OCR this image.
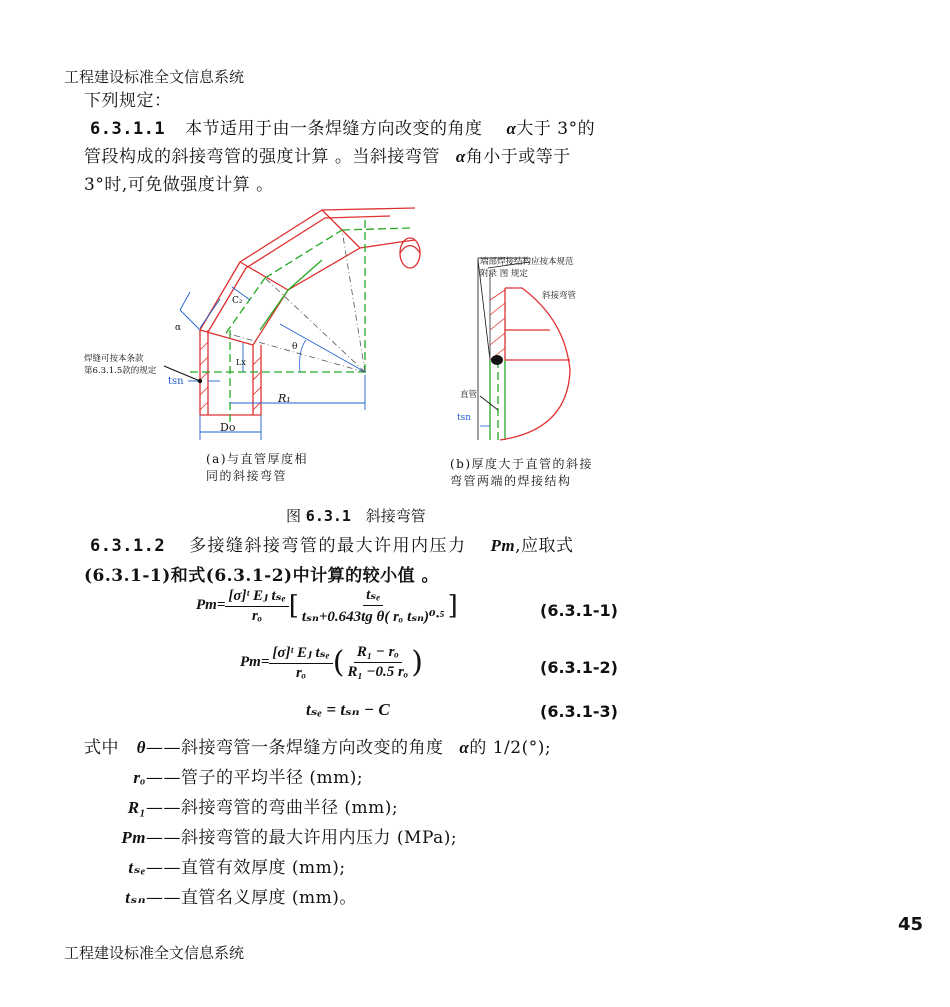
工程建设标准全文信息系统
下列规定：
6.3.1.1 本节适用于由一条焊缝方向改变的角度 α大于 3°的
管段构成的斜接弯管的强度计算 。当斜接弯管 α角小于或等于
3°时,可免做强度计算 。
R₁
Do
tsn
α
θ
C₂
Lx
焊缝可按本条款
第6.3.1.5款的规定
端部焊接结构应按本规范
附录 图 规定
斜接弯管
直管
tsn
(a)与直管厚度相
同的斜接弯管
(b)厚度大于直管的斜接
弯管两端的焊接结构
图 6.3.1 斜接弯管
6.3.1.2 多接缝斜接弯管的最大许用内压力 Pm,应取式
(6.3.1-1)和式(6.3.1-2)中计算的较小值 。
$Pm= \frac{\text{[σ]ᵗ Eⱼ tₛₑ}}{\text{rₒ}}$ [ $\frac{\text{tₛₑ}}{\text{tₛₙ+0.643tg θ( rₒ tₛₙ)⁰·⁵}}$ ]	(6.3.1-1)
$Pm= \frac{\text{[σ]ᵗ Eⱼ tₛₑ}}{\text{rₒ}}$ ( $\frac{\text{R₁ − rₒ}}{\text{R₁ −0.5 rₒ}}$ )	(6.3.1-2)
tₛₑ = tₛₙ − C	(6.3.1-3)
式中	θ——斜接弯管一条焊缝方向改变的角度 α的 1/2(°);
rₒ——管子的平均半径 (mm);
R₁——斜接弯管的弯曲半径 (mm);
Pm——斜接弯管的最大许用内压力 (MPa);
tₛₑ——直管有效厚度 (mm);
tₛₙ——直管名义厚度 (mm)。
45
工程建设标准全文信息系统
